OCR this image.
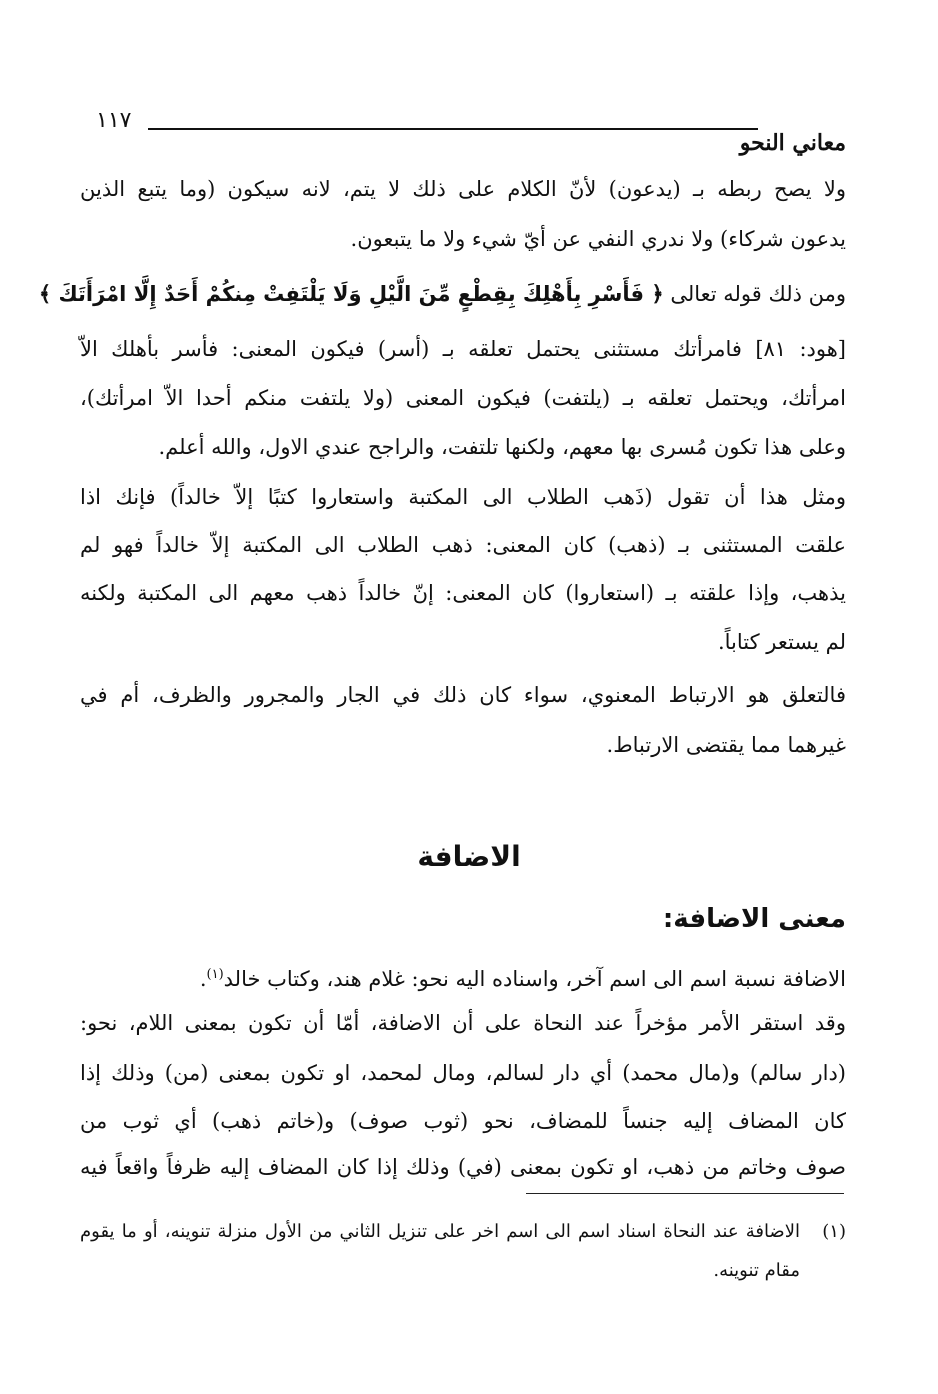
معاني النحو
١١٧
ولا يصح ربطه بـ (يدعون) لأنّ الكلام على ذلك لا يتم، لانه سيكون (وما يتبع الذين
يدعون شركاء) ولا ندري النفي عن أيّ شيء ولا ما يتبعون.
ومن ذلك قوله تعالى ﴿ فَأَسْرِ بِأَهْلِكَ بِقِطْعٍ مِّنَ الَّيْلِ وَلَا يَلْتَفِتْ مِنكُمْ أَحَدٌ إِلَّا امْرَأَتَكَ ﴾
[هود: ٨١] فامرأتك مستثنى يحتمل تعلقه بـ (أسر) فيكون المعنى: فأسر بأهلك الاّ
امرأتك، ويحتمل تعلقه بـ (يلتفت) فيكون المعنى (ولا يلتفت منكم أحدا الاّ امرأتك)،
وعلى هذا تكون مُسرى بها معهم، ولكنها تلتفت، والراجح عندي الاول، والله أعلم.
ومثل هذا أن تقول (ذَهب الطلاب الى المكتبة واستعاروا كتبًا إلاّ خالداً) فإنك اذا
علقت المستثنى بـ (ذهب) كان المعنى: ذهب الطلاب الى المكتبة إلاّ خالداً فهو لم
يذهب، وإذا علقته بـ (استعاروا) كان المعنى: إنّ خالداً ذهب معهم الى المكتبة ولكنه
لم يستعر كتاباً.
فالتعلق هو الارتباط المعنوي، سواء كان ذلك في الجار والمجرور والظرف، أم في
غيرهما مما يقتضى الارتباط.
الاضافة
معنى الاضافة:
الاضافة نسبة اسم الى اسم آخر، واسناده اليه نحو: غلام هند، وكتاب خالد$^{(١)}$.
وقد استقر الأمر مؤخراً عند النحاة على أن الاضافة، أمّا أن تكون بمعنى اللام، نحو:
(دار سالم) و(مال محمد) أي دار لسالم، ومال لمحمد، او تكون بمعنى (من) وذلك إذا
كان المضاف إليه جنساً للمضاف، نحو (ثوب صوف) و(خاتم ذهب) أي ثوب من
صوف وخاتم من ذهب، او تكون بمعنى (في) وذلك إذا كان المضاف إليه ظرفاً واقعاً فيه
(١)الاضافة عند النحاة اسناد اسم الى اسم اخر على تنزيل الثاني من الأول منزلة تنوينه، أو ما يقوم
مقام تنوينه.
